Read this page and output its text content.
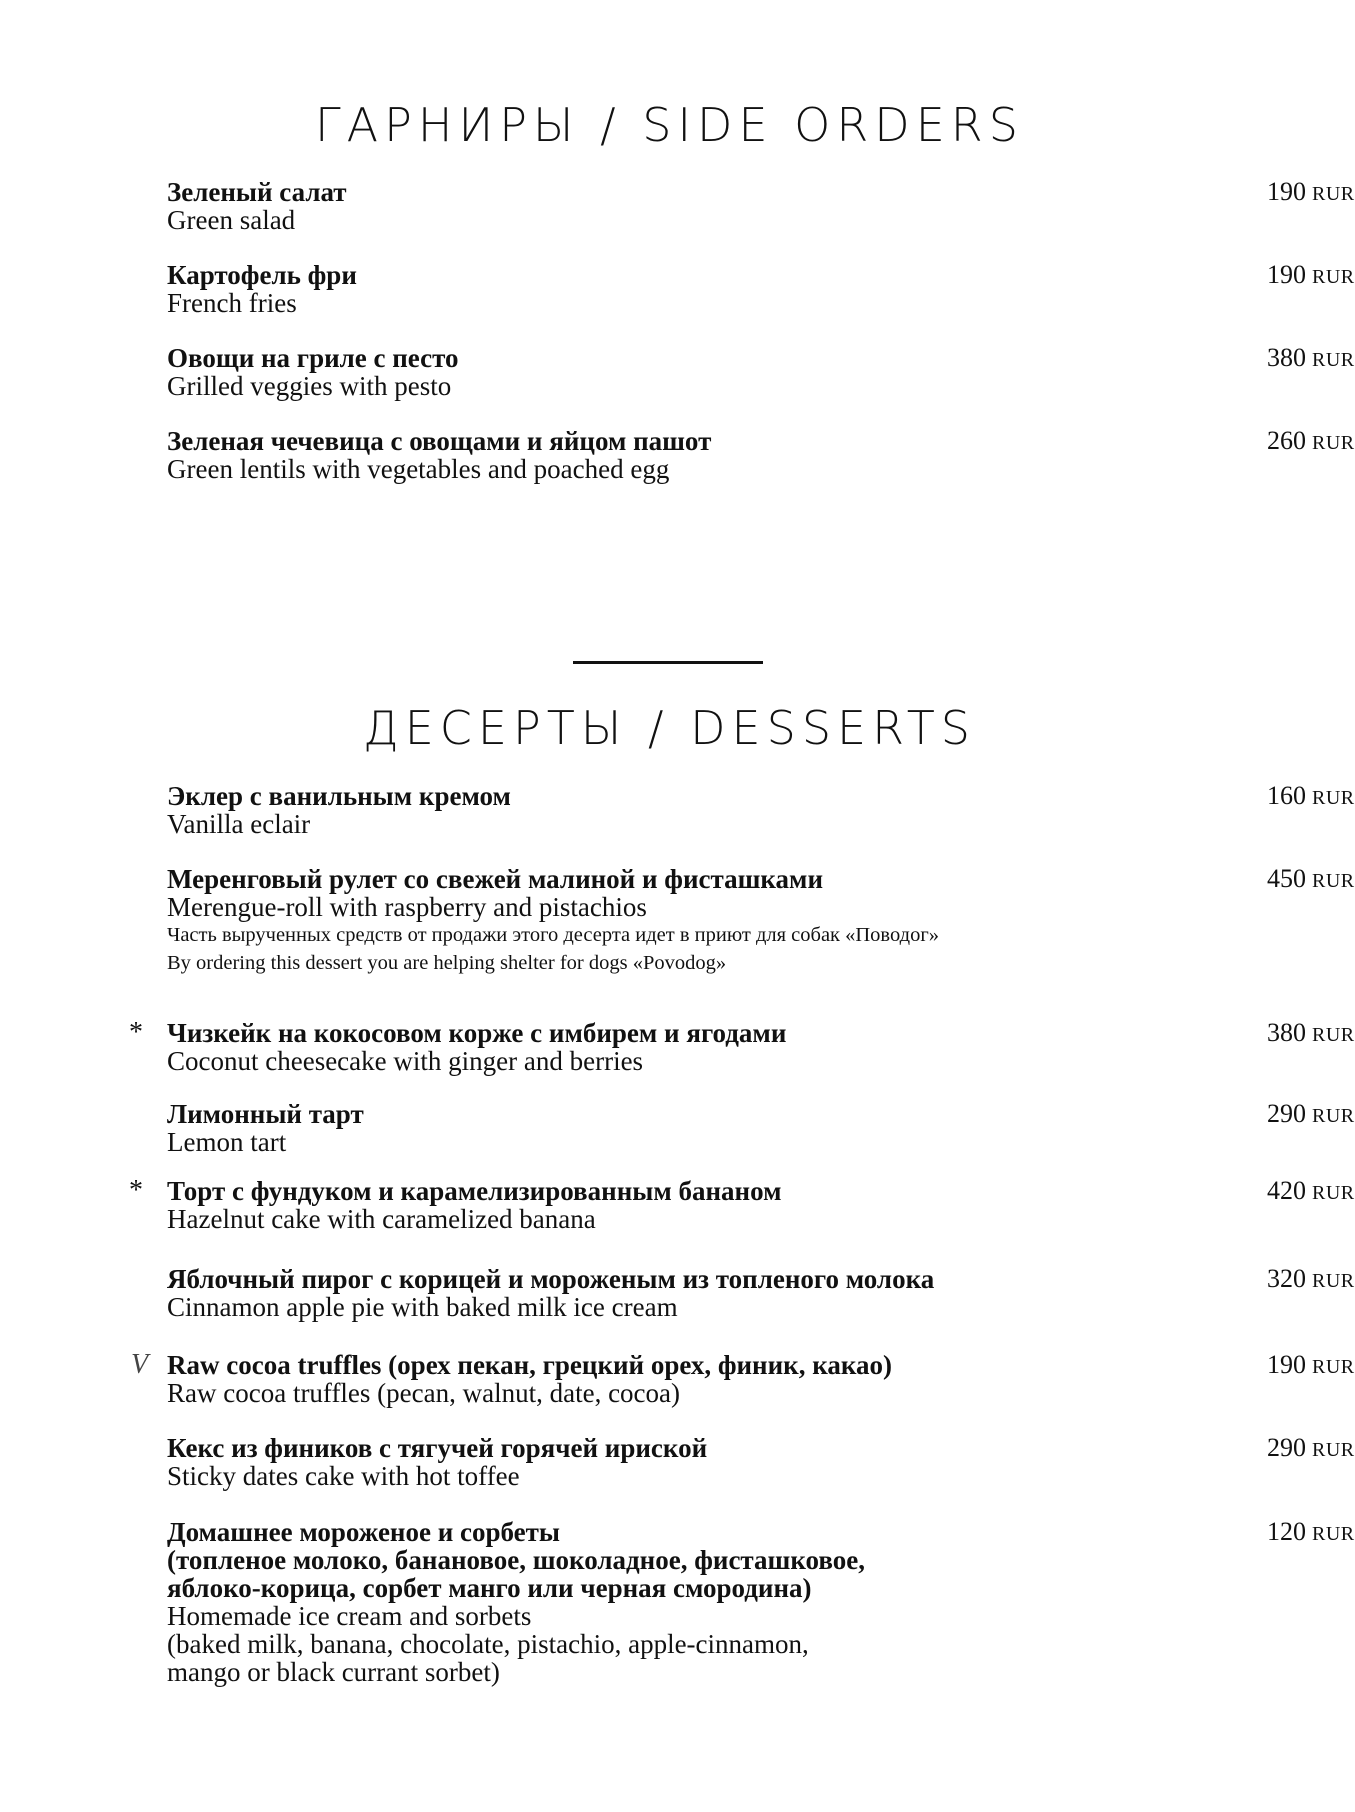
ГАРНИРЫ / SIDE ORDERS
Зеленый салат
Green salad
190 RUR
Картофель фри
French fries
190 RUR
Овощи на гриле с песто
Grilled veggies with pesto
380 RUR
Зеленая чечевица с овощами и яйцом пашот
Green lentils with vegetables and poached egg
260 RUR
ДЕСЕРТЫ / DESSERTS
Эклер с ванильным кремом
Vanilla eclair
160 RUR
Меренговый рулет со свежей малиной и фисташками
Merengue-roll with raspberry and pistachios
Часть вырученных средств от продажи этого десерта идет в приют для собак «Поводог»
By ordering this dessert you are helping shelter for dogs «Povodog»
450 RUR
* Чизкейк на кокосовом корже с имбирем и ягодами
Coconut cheesecake with ginger and berries
380 RUR
Лимонный тарт
Lemon tart
290 RUR
* Торт с фундуком и карамелизированным бананом
Hazelnut cake with caramelized banana
420 RUR
Яблочный пирог с корицей и мороженым из топленого молока
Cinnamon apple pie with baked milk ice cream
320 RUR
V Raw cocoa truffles (орех пекан, грецкий орех, финик, какао)
Raw cocoa truffles (pecan, walnut, date, cocoa)
190 RUR
Кекс из фиников с тягучей горячей ириской
Sticky dates cake with hot toffee
290 RUR
Домашнее мороженое и сорбеты
(топленое молоко, банановое, шоколадное, фисташковое,
яблоко-корица, сорбет манго или черная смородина)
Homemade ice cream and sorbets
(baked milk, banana, chocolate, pistachio, apple-cinnamon,
mango or black currant sorbet)
120 RUR
